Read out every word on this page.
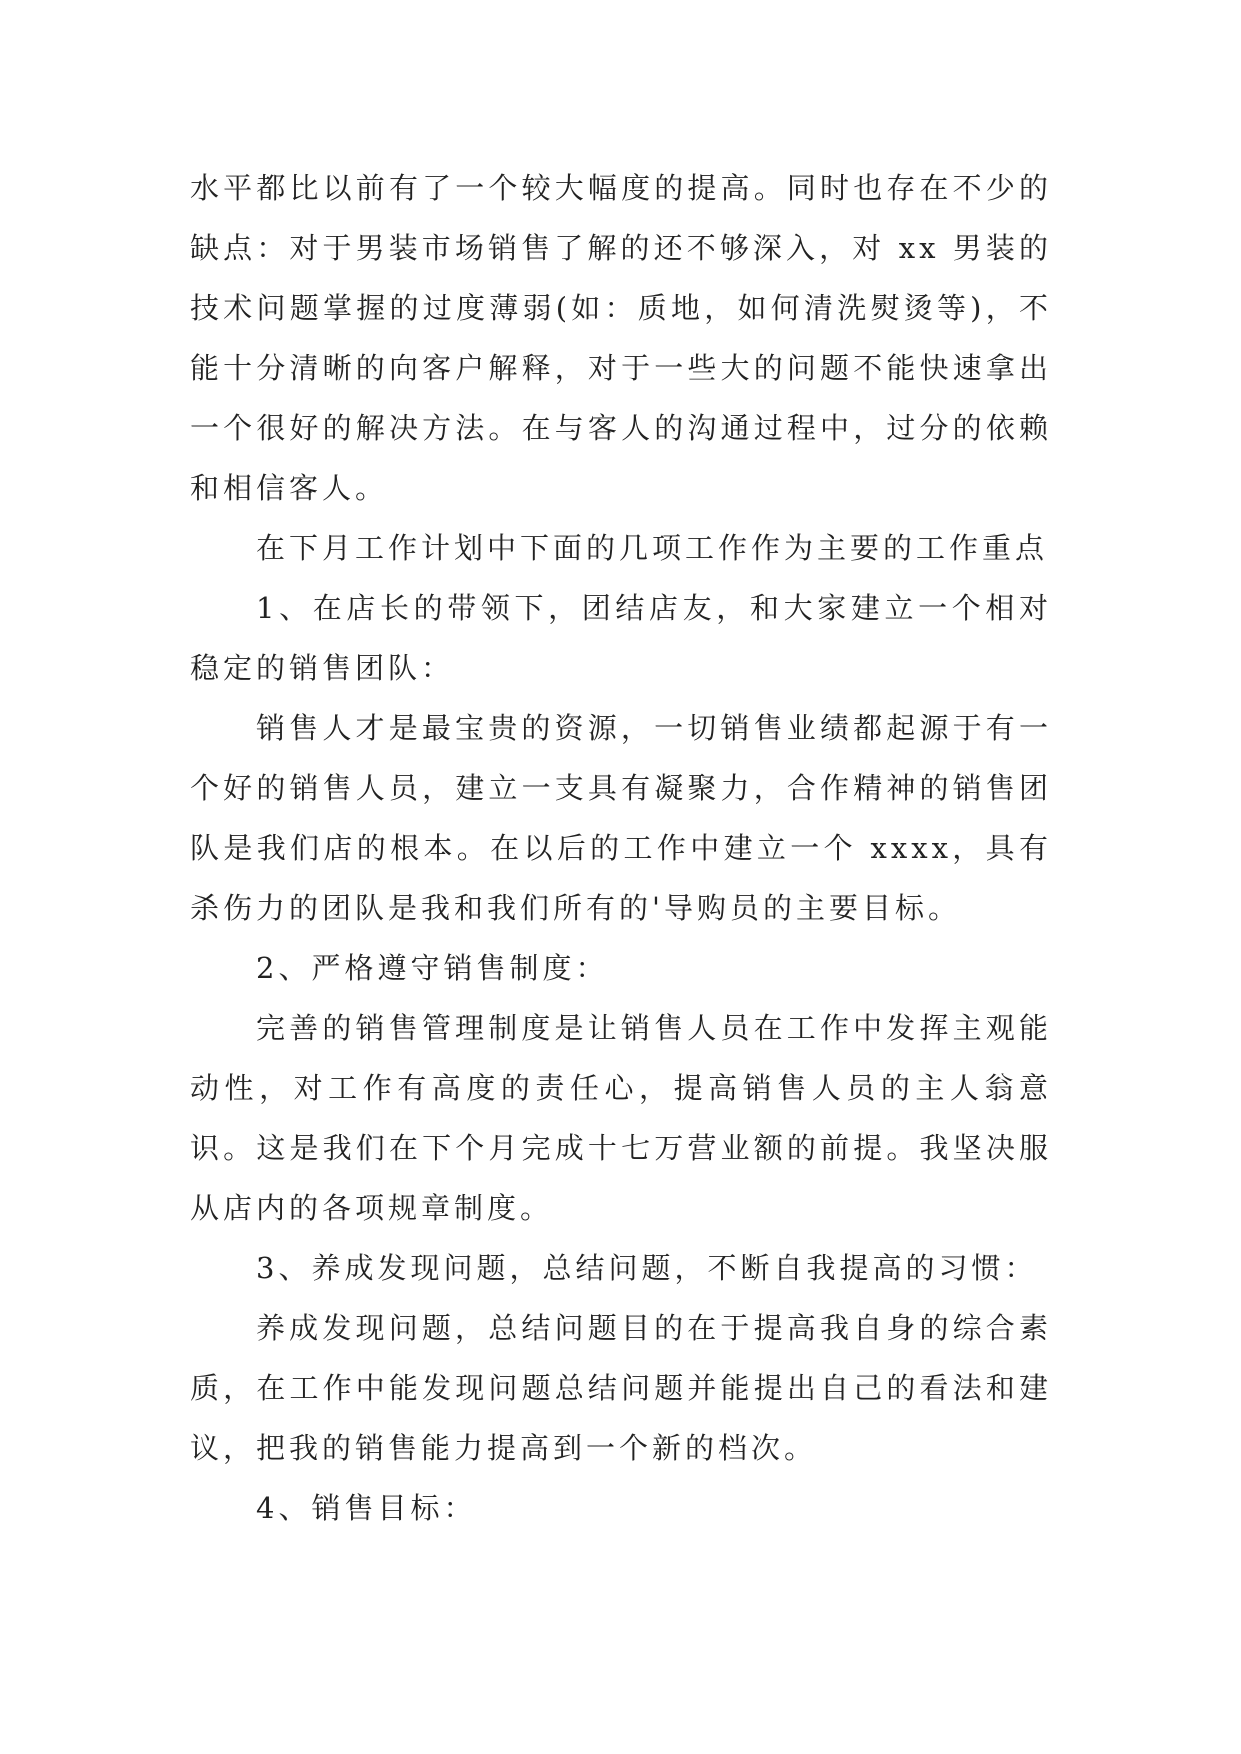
水平都比以前有了一个较大幅度的提高。同时也存在不少的缺点：对于男装市场销售了解的还不够深入，对 xx 男装的技术问题掌握的过度薄弱(如：质地，如何清洗熨烫等)，不能十分清晰的向客户解释，对于一些大的问题不能快速拿出一个很好的解决方法。在与客人的沟通过程中，过分的依赖和相信客人。

在下月工作计划中下面的几项工作作为主要的工作重点

1、在店长的带领下，团结店友，和大家建立一个相对稳定的销售团队：

销售人才是最宝贵的资源，一切销售业绩都起源于有一个好的销售人员，建立一支具有凝聚力，合作精神的销售团队是我们店的根本。在以后的工作中建立一个 xxxx，具有杀伤力的团队是我和我们所有的'导购员的主要目标。

2、严格遵守销售制度：

完善的销售管理制度是让销售人员在工作中发挥主观能动性，对工作有高度的责任心，提高销售人员的主人翁意识。这是我们在下个月完成十七万营业额的前提。我坚决服从店内的各项规章制度。

3、养成发现问题，总结问题，不断自我提高的习惯：

养成发现问题，总结问题目的在于提高我自身的综合素质，在工作中能发现问题总结问题并能提出自己的看法和建议，把我的销售能力提高到一个新的档次。

4、销售目标：
